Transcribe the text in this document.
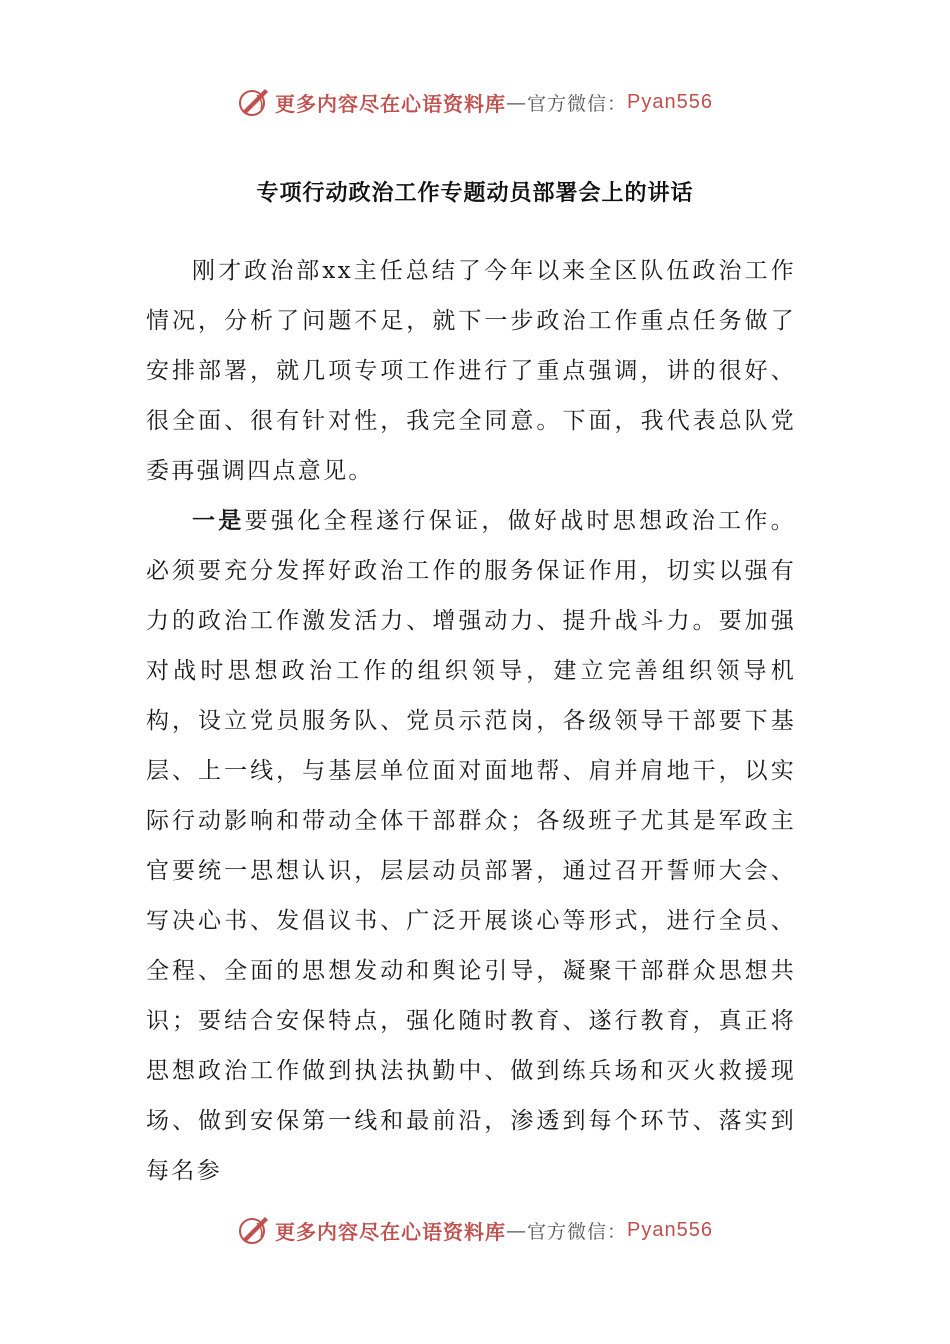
更多内容尽在心语资料库 — 官方微信： Pyan556
专项行动政治工作专题动员部署会上的讲话

刚才政治部xx主任总结了今年以来全区队伍政治工作情况，分析了问题不足，就下一步政治工作重点任务做了安排部署，就几项专项工作进行了重点强调，讲的很好、很全面、很有针对性，我完全同意。下面，我代表总队党委再强调四点意见。

一是要强化全程遂行保证，做好战时思想政治工作。必须要充分发挥好政治工作的服务保证作用，切实以强有力的政治工作激发活力、增强动力、提升战斗力。要加强对战时思想政治工作的组织领导，建立完善组织领导机构，设立党员服务队、党员示范岗，各级领导干部要下基层、上一线，与基层单位面对面地帮、肩并肩地干，以实际行动影响和带动全体干部群众；各级班子尤其是军政主官要统一思想认识，层层动员部署，通过召开誓师大会、写决心书、发倡议书、广泛开展谈心等形式，进行全员、全程、全面的思想发动和舆论引导，凝聚干部群众思想共识；要结合安保特点，强化随时教育、遂行教育，真正将思想政治工作做到执法执勤中、做到练兵场和灭火救援现场、做到安保第一线和最前沿，渗透到每个环节、落实到每名参

更多内容尽在心语资料库 — 官方微信： Pyan556
